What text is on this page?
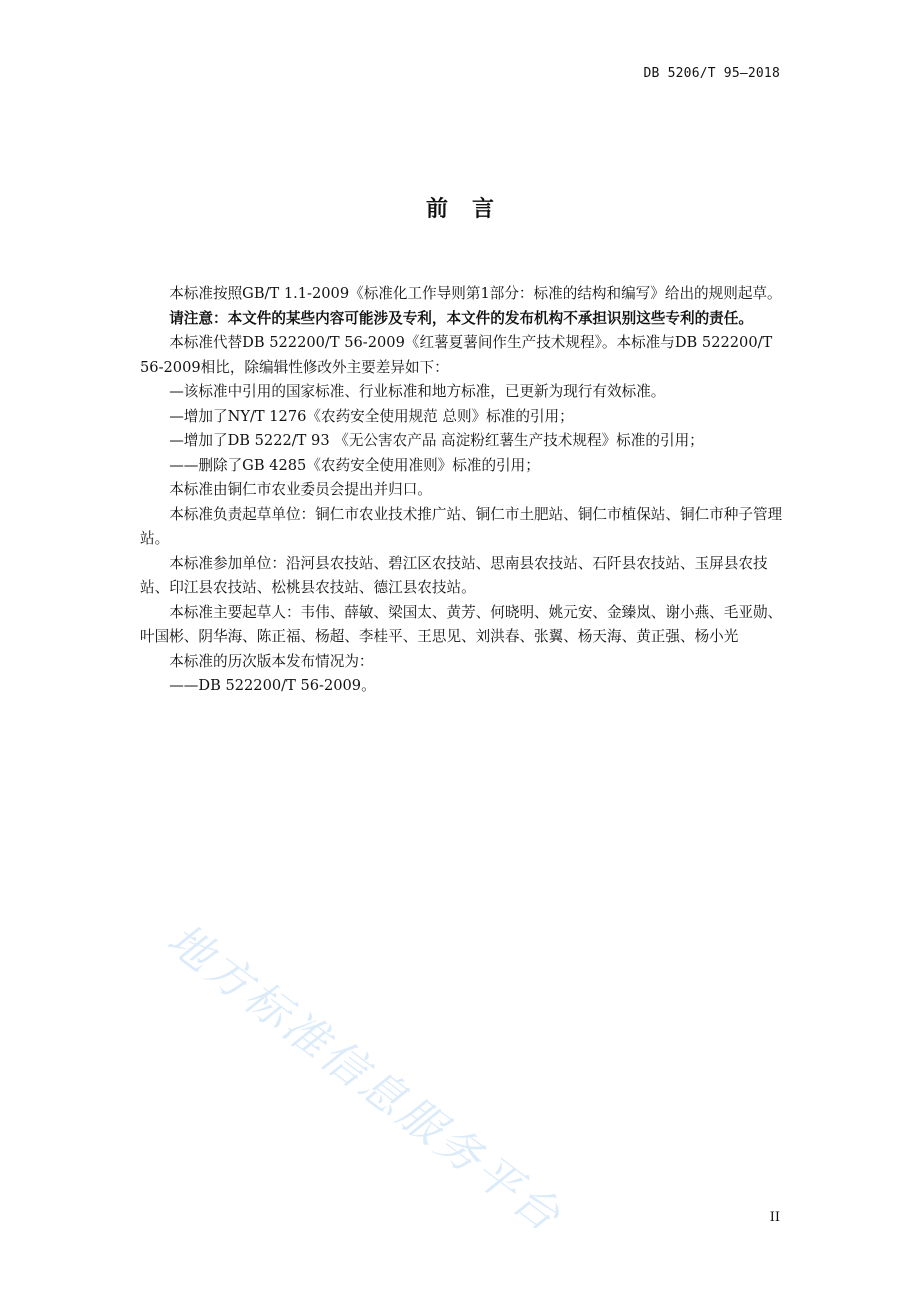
DB 5206/T 95—2018
前言

本标准按照GB/T 1.1-2009《标准化工作导则第1部分：标准的结构和编写》给出的规则起草。

请注意：本文件的某些内容可能涉及专利，本文件的发布机构不承担识别这些专利的责任。

本标准代替DB 522200/T 56-2009《红薯夏薯间作生产技术规程》。本标准与DB 522200/T 56-2009相比，除编辑性修改外主要差异如下：

—该标准中引用的国家标准、行业标准和地方标准，已更新为现行有效标准。

—增加了NY/T 1276《农药安全使用规范 总则》标准的引用；

—增加了DB 5222/T 93 《无公害农产品 高淀粉红薯生产技术规程》标准的引用；

——删除了GB 4285《农药安全使用准则》标准的引用；

本标准由铜仁市农业委员会提出并归口。

本标准负责起草单位：铜仁市农业技术推广站、铜仁市土肥站、铜仁市植保站、铜仁市种子管理站。

本标准参加单位：沿河县农技站、碧江区农技站、思南县农技站、石阡县农技站、玉屏县农技站、印江县农技站、松桃县农技站、德江县农技站。

本标准主要起草人：韦伟、薛敏、梁国太、黄芳、何晓明、姚元安、金臻岚、谢小燕、毛亚勋、叶国彬、阴华海、陈正福、杨超、李桂平、王思见、刘洪春、张翼、杨天海、黄正强、杨小光

本标准的历次版本发布情况为：

——DB 522200/T 56-2009。

地方标准信息服务平台	II
